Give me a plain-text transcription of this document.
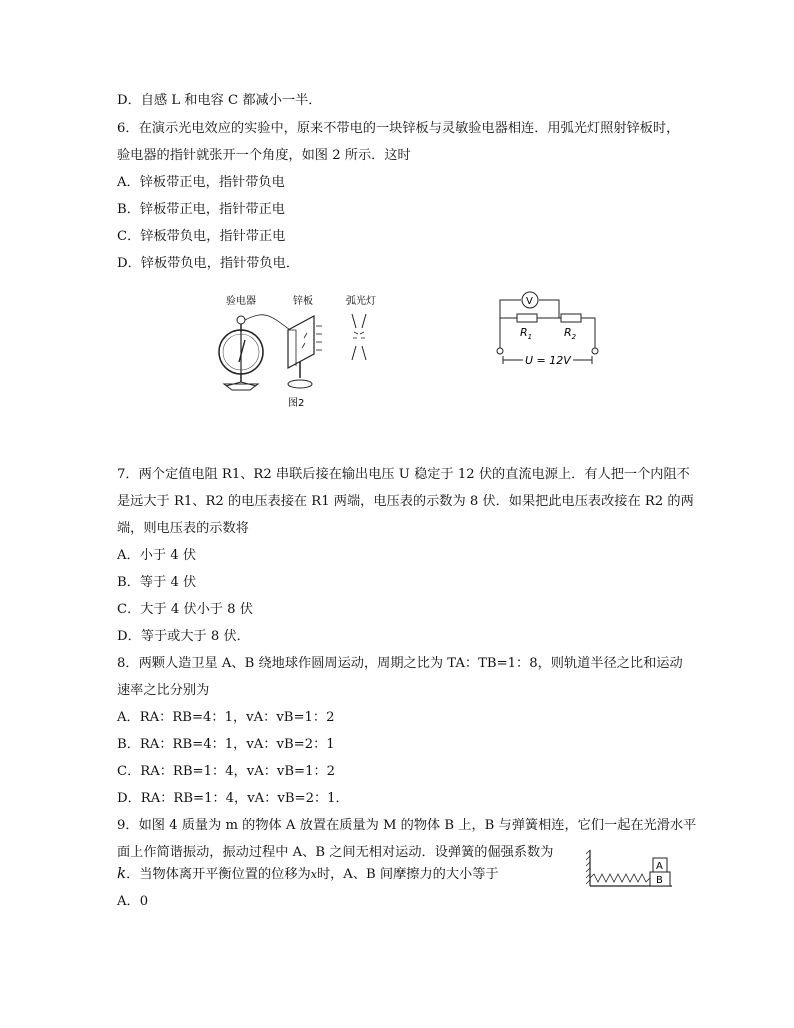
D．自感 L 和电容 C 都减小一半．
6．在演示光电效应的实验中，原来不带电的一块锌板与灵敏验电器相连．用弧光灯照射锌板时，
验电器的指针就张开一个角度，如图 2 所示．这时
A．锌板带正电，指针带负电
B．锌板带正电，指针带正电
C．锌板带负电，指针带正电
D．锌板带负电，指针带负电．
验电器	锌板	弧光灯
图2
V
$R_1$	$R_2$
U = 12V
7．两个定值电阻 R1、R2 串联后接在输出电压 U 稳定于 12 伏的直流电源上．有人把一个内阻不
是远大于 R1、R2 的电压表接在 R1 两端，电压表的示数为 8 伏．如果把此电压表改接在 R2 的两
端，则电压表的示数将
A．小于 4 伏
B．等于 4 伏
C．大于 4 伏小于 8 伏
D．等于或大于 8 伏．
8．两颗人造卫星 A、B 绕地球作圆周运动，周期之比为 TA：TB=1：8，则轨道半径之比和运动
速率之比分别为
A．RA：RB=4：1，vA：vB=1：2
B．RA：RB=4：1，vA：vB=2：1
C．RA：RB=1：4，vA：vB=1：2
D．RA：RB=1：4，vA：vB=2：1．
9．如图 4 质量为 m 的物体 A 放置在质量为 M 的物体 B 上，B 与弹簧相连，它们一起在光滑水平
面上作简谐振动，振动过程中 A、B 之间无相对运动．设弹簧的倔强系数为
k．当物体离开平衡位置的位移为x时，A、B 间摩擦力的大小等于
A．0
A
B
